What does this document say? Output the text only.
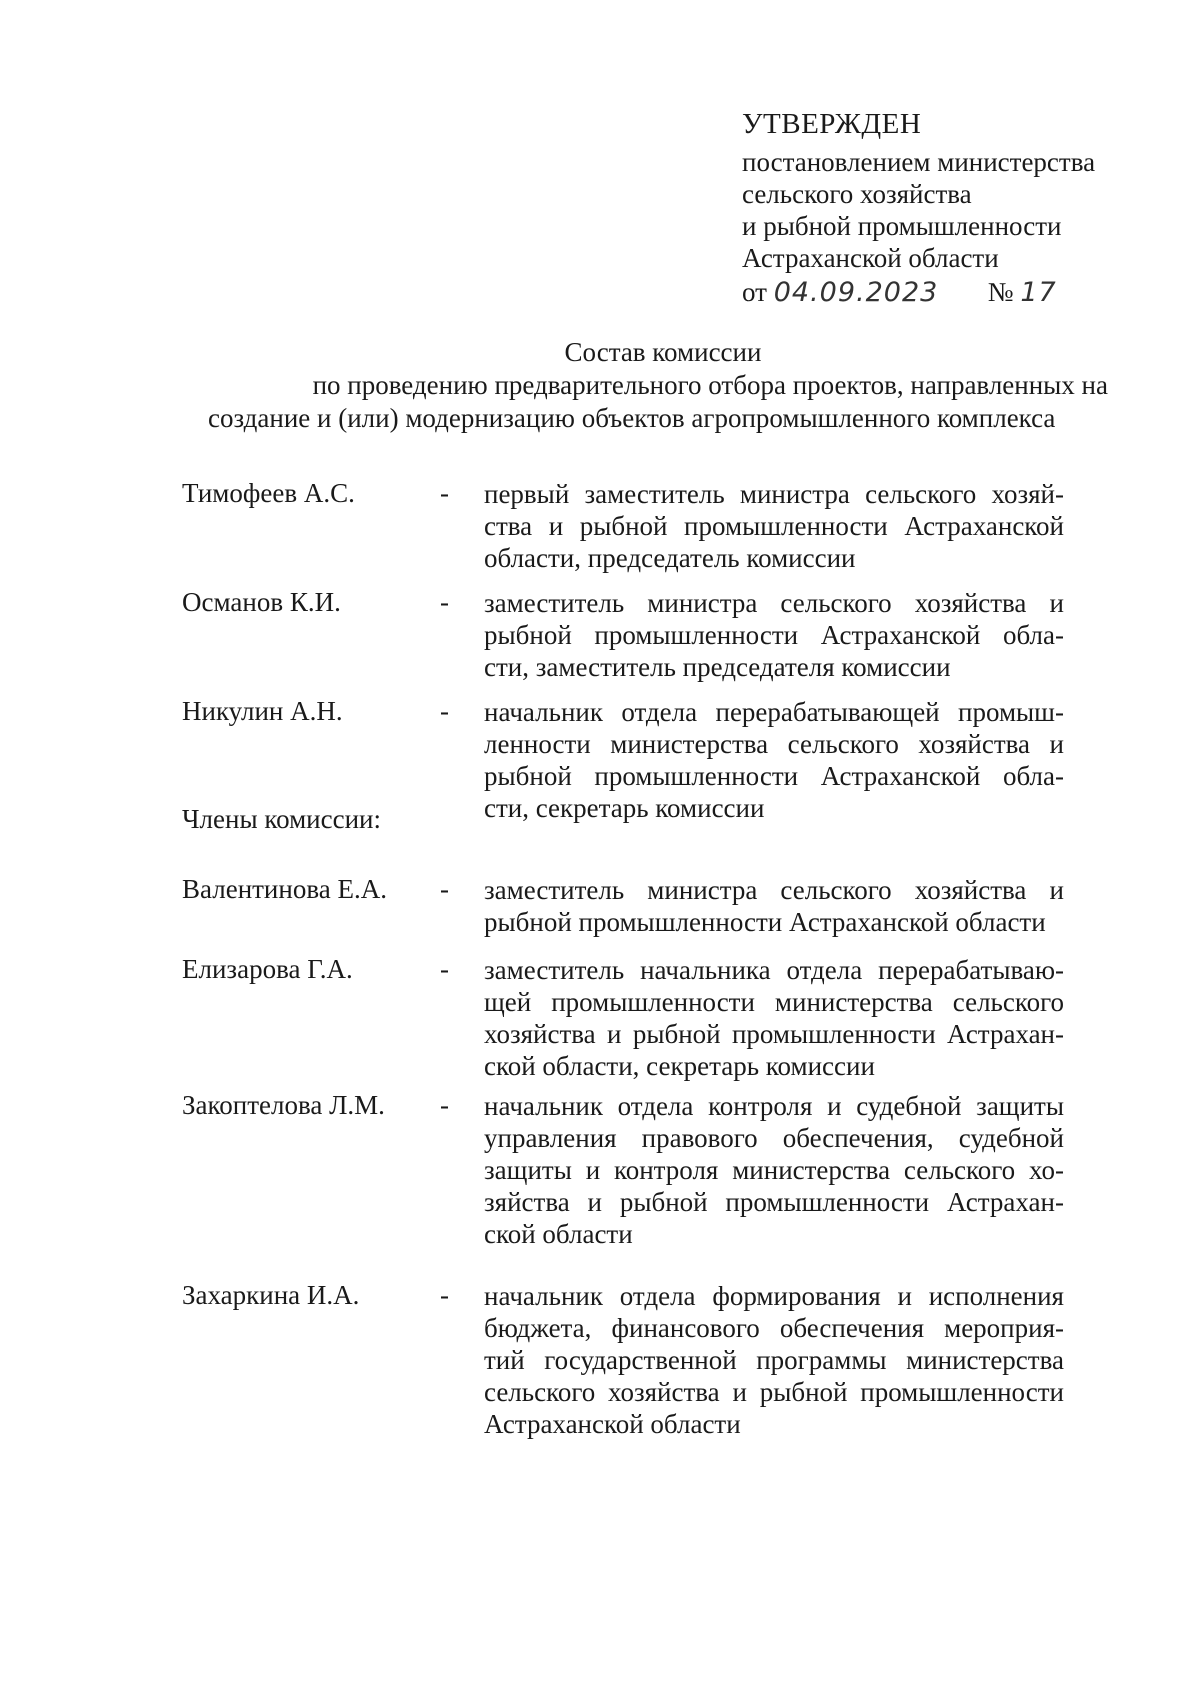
УТВЕРЖДЕН
постановлением министерства
сельского хозяйства
и рыбной промышленности
Астраханской области
от 04.09.2023 № 17
Состав комиссии
по проведению предварительного отбора проектов, направленных на
создание и (или) модернизацию объектов агропромышленного комплекса
Тимофеев А.С.	- первый заместитель министра сельского хозяй-
ства и рыбной промышленности Астраханской
области, председатель комиссии
Османов К.И.	- заместитель министра сельского хозяйства и
рыбной промышленности Астраханской обла-
сти, заместитель председателя комиссии
Никулин А.Н.	- начальник отдела перерабатывающей промыш-
ленности министерства сельского хозяйства и
рыбной промышленности Астраханской обла-
сти, секретарь комиссии
Члены комиссии:
Валентинова Е.А. - заместитель министра сельского хозяйства и
рыбной промышленности Астраханской области
Елизарова Г.А.	- заместитель начальника отдела перерабатываю-
щей промышленности министерства сельского
хозяйства и рыбной промышленности Астрахан-
ской области, секретарь комиссии
Закоптелова Л.М. - начальник отдела контроля и судебной защиты
управления правового обеспечения, судебной
защиты и контроля министерства сельского хо-
зяйства и рыбной промышленности Астрахан-
ской области
Захаркина И.А.	- начальник отдела формирования и исполнения
бюджета, финансового обеспечения мероприя-
тий государственной программы министерства
сельского хозяйства и рыбной промышленности
Астраханской области
